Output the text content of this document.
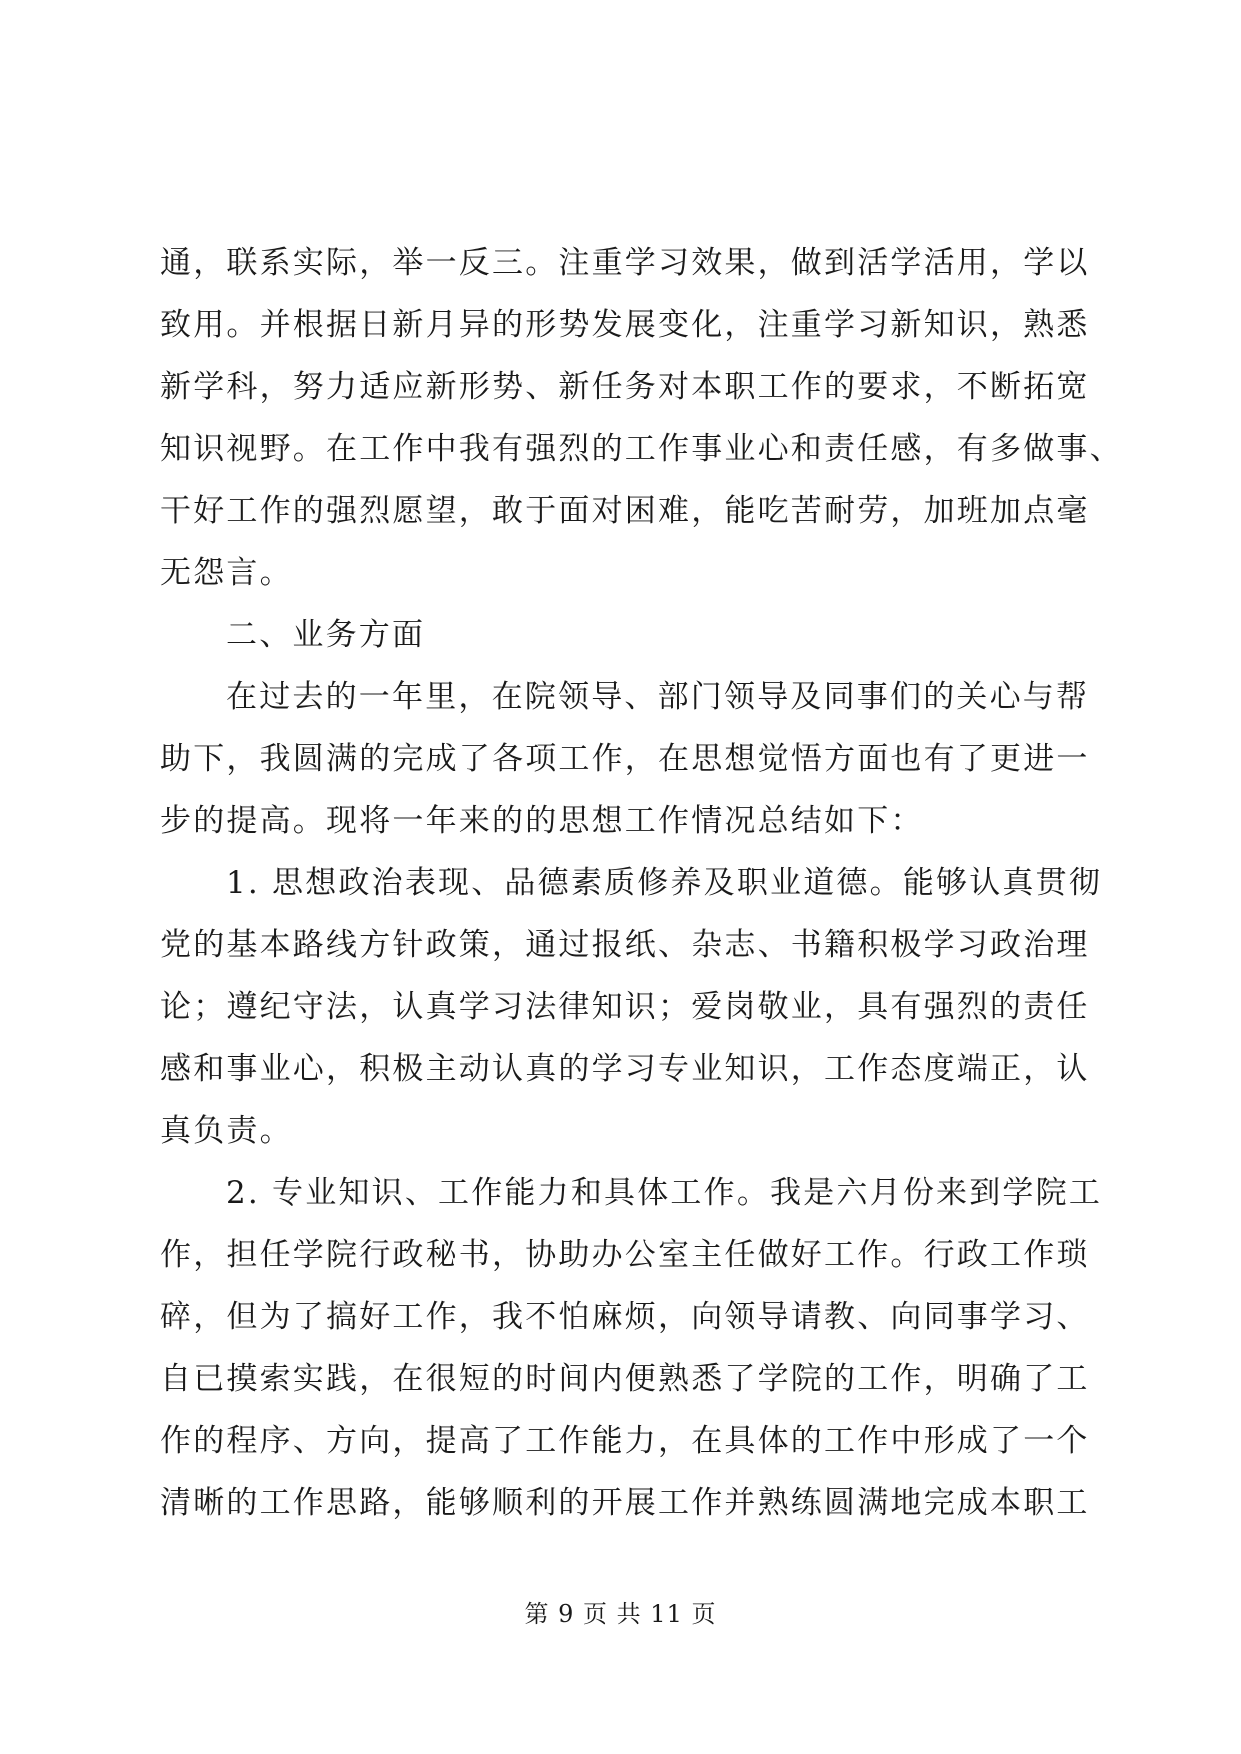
通，联系实际，举一反三。注重学习效果，做到活学活用，学以
致用。并根据日新月异的形势发展变化，注重学习新知识，熟悉
新学科，努力适应新形势、新任务对本职工作的要求，不断拓宽
知识视野。在工作中我有强烈的工作事业心和责任感，有多做事、
干好工作的强烈愿望，敢于面对困难，能吃苦耐劳，加班加点毫
无怨言。
二、业务方面
在过去的一年里，在院领导、部门领导及同事们的关心与帮
助下，我圆满的完成了各项工作，在思想觉悟方面也有了更进一
步的提高。现将一年来的的思想工作情况总结如下：
1. 思想政治表现、品德素质修养及职业道德。能够认真贯彻
党的基本路线方针政策，通过报纸、杂志、书籍积极学习政治理
论；遵纪守法，认真学习法律知识；爱岗敬业，具有强烈的责任
感和事业心，积极主动认真的学习专业知识，工作态度端正，认
真负责。
2. 专业知识、工作能力和具体工作。我是六月份来到学院工
作，担任学院行政秘书，协助办公室主任做好工作。行政工作琐
碎，但为了搞好工作，我不怕麻烦，向领导请教、向同事学习、
自已摸索实践，在很短的时间内便熟悉了学院的工作，明确了工
作的程序、方向，提高了工作能力，在具体的工作中形成了一个
清晰的工作思路，能够顺利的开展工作并熟练圆满地完成本职工
第 9 页 共 11 页
